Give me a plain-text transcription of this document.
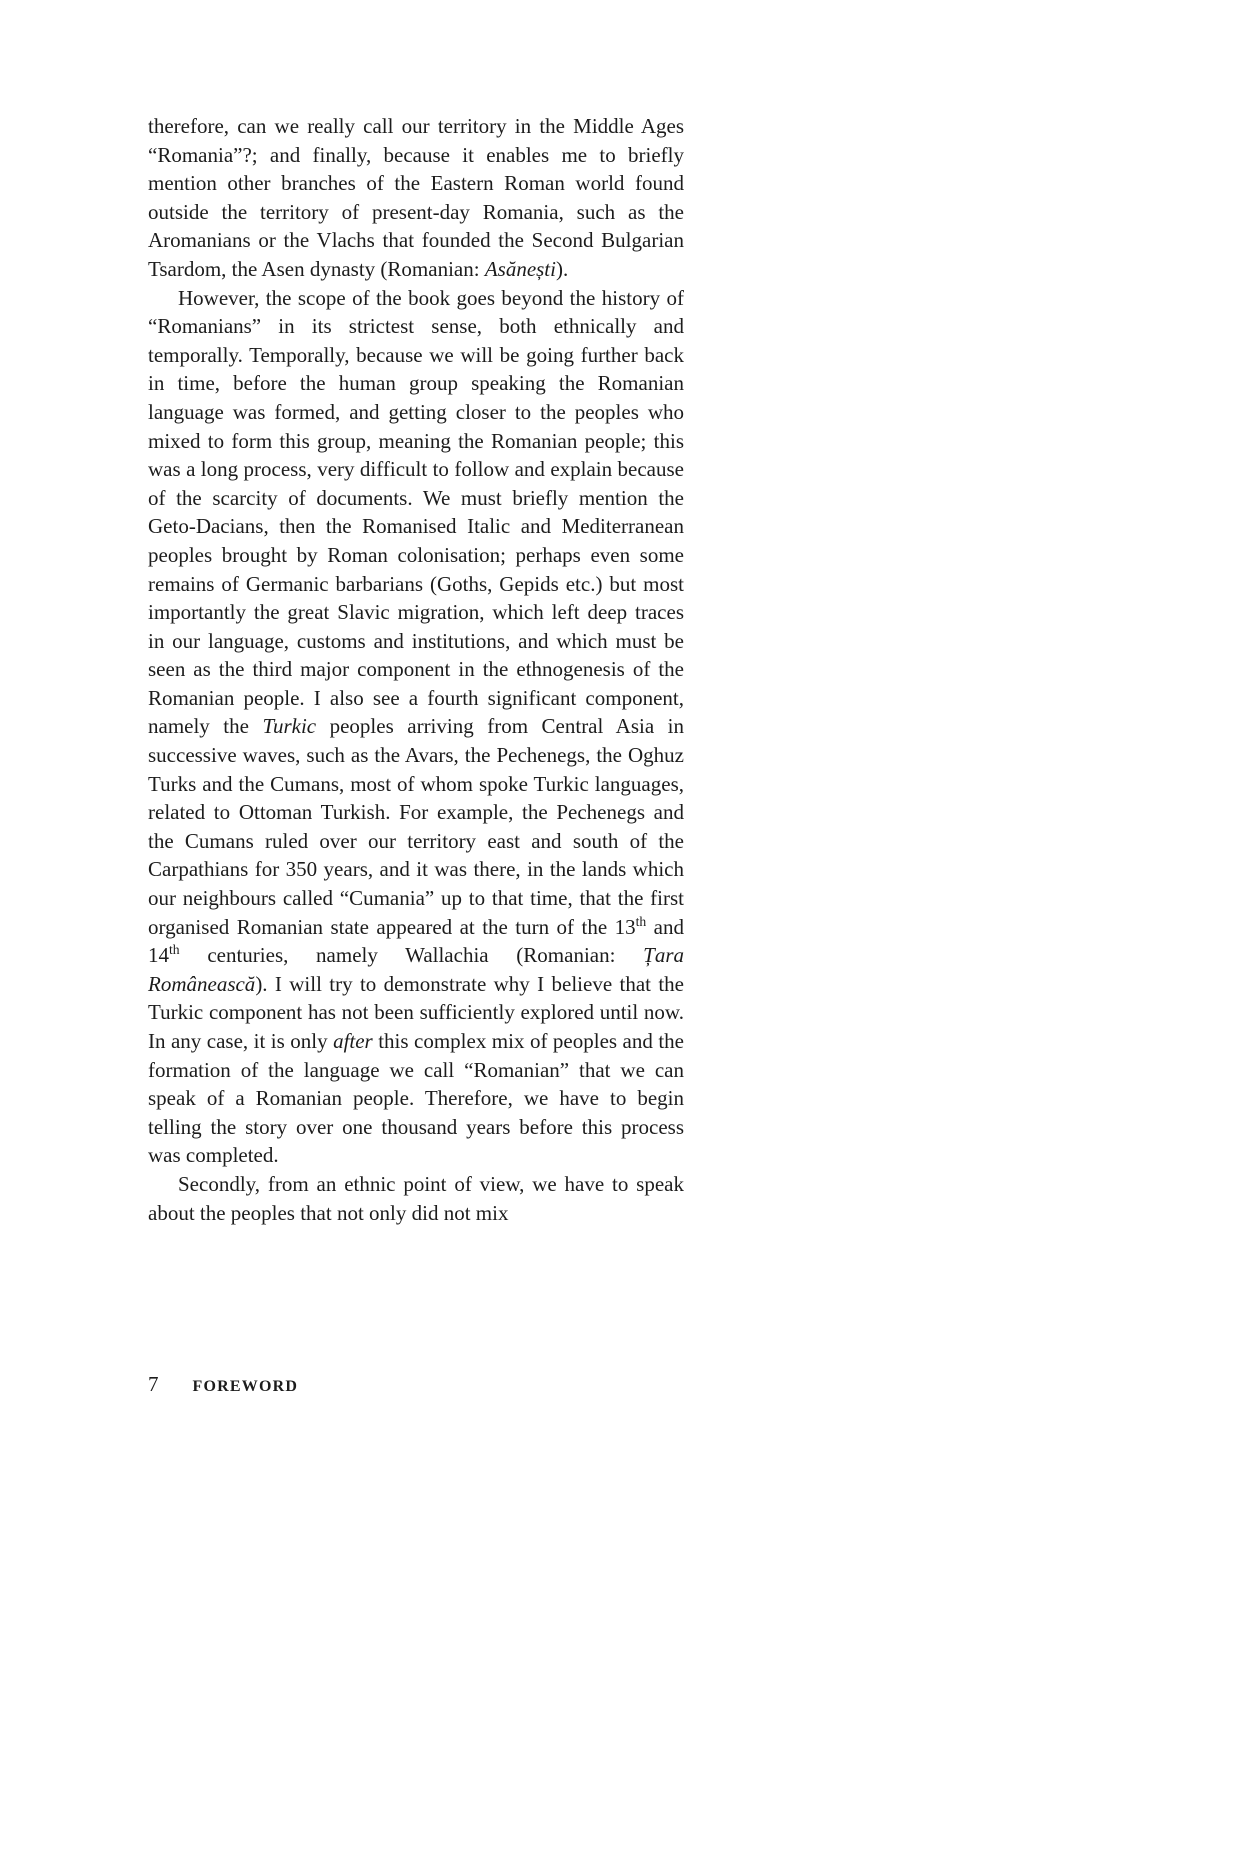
therefore, can we really call our territory in the Middle Ages “Romania”?; and finally, because it enables me to briefly mention other branches of the Eastern Roman world found outside the territory of present-day Romania, such as the Aromanians or the Vlachs that founded the Second Bulgarian Tsardom, the Asen dynasty (Romanian: Asănești).

However, the scope of the book goes beyond the history of “Romanians” in its strictest sense, both ethnically and temporally. Temporally, because we will be going further back in time, before the human group speaking the Romanian language was formed, and getting closer to the peoples who mixed to form this group, meaning the Romanian people; this was a long process, very difficult to follow and explain because of the scarcity of documents. We must briefly mention the Geto-Dacians, then the Romanised Italic and Mediterranean peoples brought by Roman colonisation; perhaps even some remains of Germanic barbarians (Goths, Gepids etc.) but most importantly the great Slavic migration, which left deep traces in our language, customs and institutions, and which must be seen as the third major component in the ethnogenesis of the Romanian people. I also see a fourth significant component, namely the Turkic peoples arriving from Central Asia in successive waves, such as the Avars, the Pechenegs, the Oghuz Turks and the Cumans, most of whom spoke Turkic languages, related to Ottoman Turkish. For example, the Pechenegs and the Cumans ruled over our territory east and south of the Carpathians for 350 years, and it was there, in the lands which our neighbours called “Cumania” up to that time, that the first organised Romanian state appeared at the turn of the 13th and 14th centuries, namely Wallachia (Romanian: Țara Românească). I will try to demonstrate why I believe that the Turkic component has not been sufficiently explored until now. In any case, it is only after this complex mix of peoples and the formation of the language we call “Romanian” that we can speak of a Romanian people. Therefore, we have to begin telling the story over one thousand years before this process was completed.

Secondly, from an ethnic point of view, we have to speak about the peoples that not only did not mix

7 FOREWORD
